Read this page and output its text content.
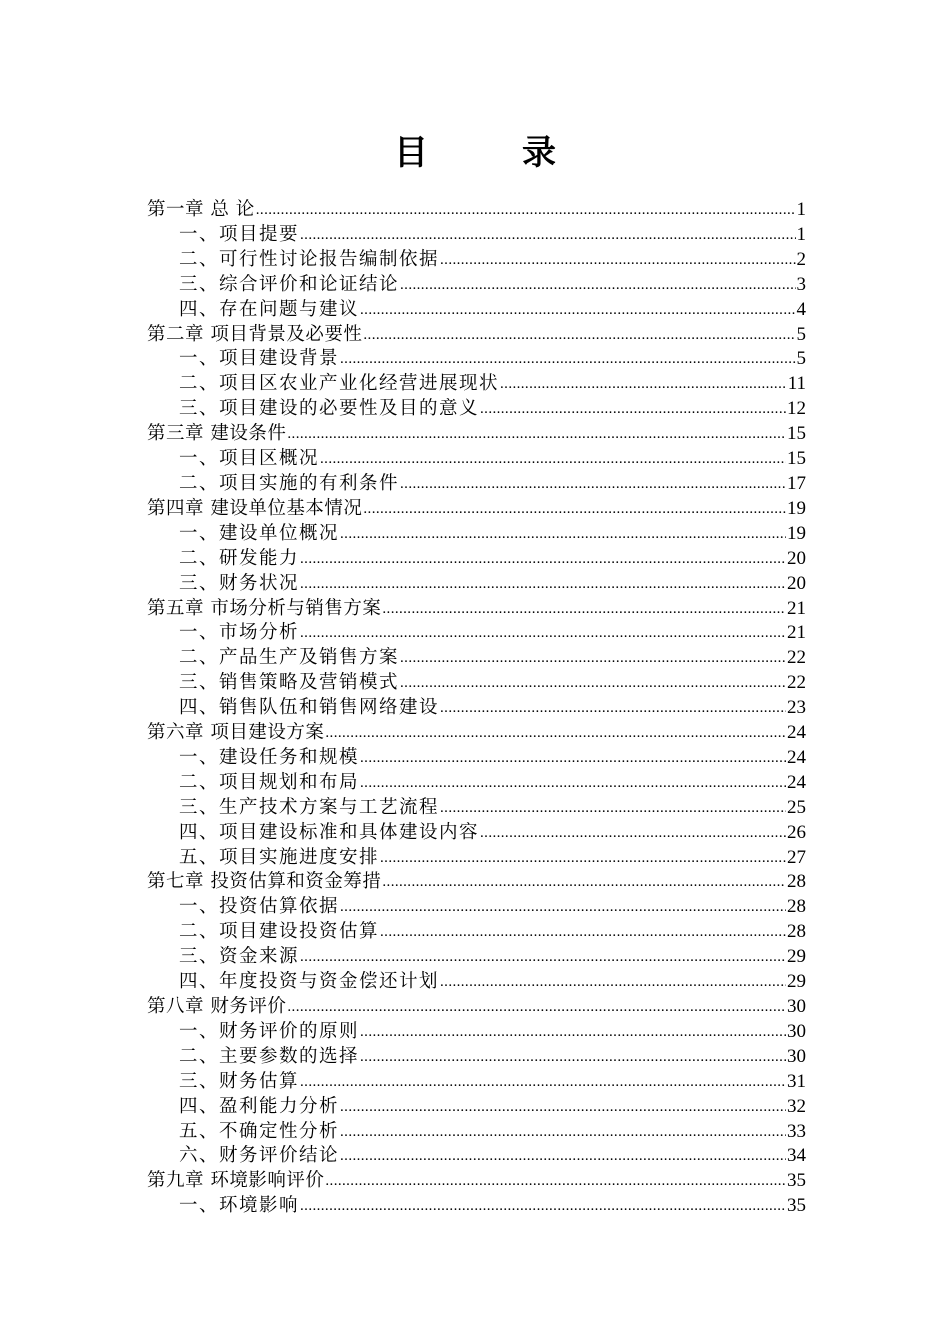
目　录
第一章 总 论 .....	1
一、项目提要 .....	1
二、可行性讨论报告编制依据 .....	2
三、综合评价和论证结论 .....	3
四、存在问题与建议 .....	4
第二章 项目背景及必要性 .....	5
一、项目建设背景 .....	5
二、项目区农业产业化经营进展现状 .....	11
三、项目建设的必要性及目的意义 .....	12
第三章 建设条件 .....	15
一、项目区概况 .....	15
二、项目实施的有利条件 .....	17
第四章 建设单位基本情况 .....	19
一、建设单位概况 .....	19
二、研发能力 .....	20
三、财务状况 .....	20
第五章 市场分析与销售方案 .....	21
一、市场分析 .....	21
二、产品生产及销售方案 .....	22
三、销售策略及营销模式 .....	22
四、销售队伍和销售网络建设 .....	23
第六章 项目建设方案 .....	24
一、建设任务和规模 .....	24
二、项目规划和布局 .....	24
三、生产技术方案与工艺流程 .....	25
四、项目建设标准和具体建设内容 .....	26
五、项目实施进度安排 .....	27
第七章 投资估算和资金筹措 .....	28
一、投资估算依据 .....	28
二、项目建设投资估算 .....	28
三、资金来源 .....	29
四、年度投资与资金偿还计划 .....	29
第八章 财务评价 .....	30
一、财务评价的原则 .....	30
二、主要参数的选择 .....	30
三、财务估算 .....	31
四、盈利能力分析 .....	32
五、不确定性分析 .....	33
六、财务评价结论 .....	34
第九章 环境影响评价 .....	35
一、环境影响 .....	35
